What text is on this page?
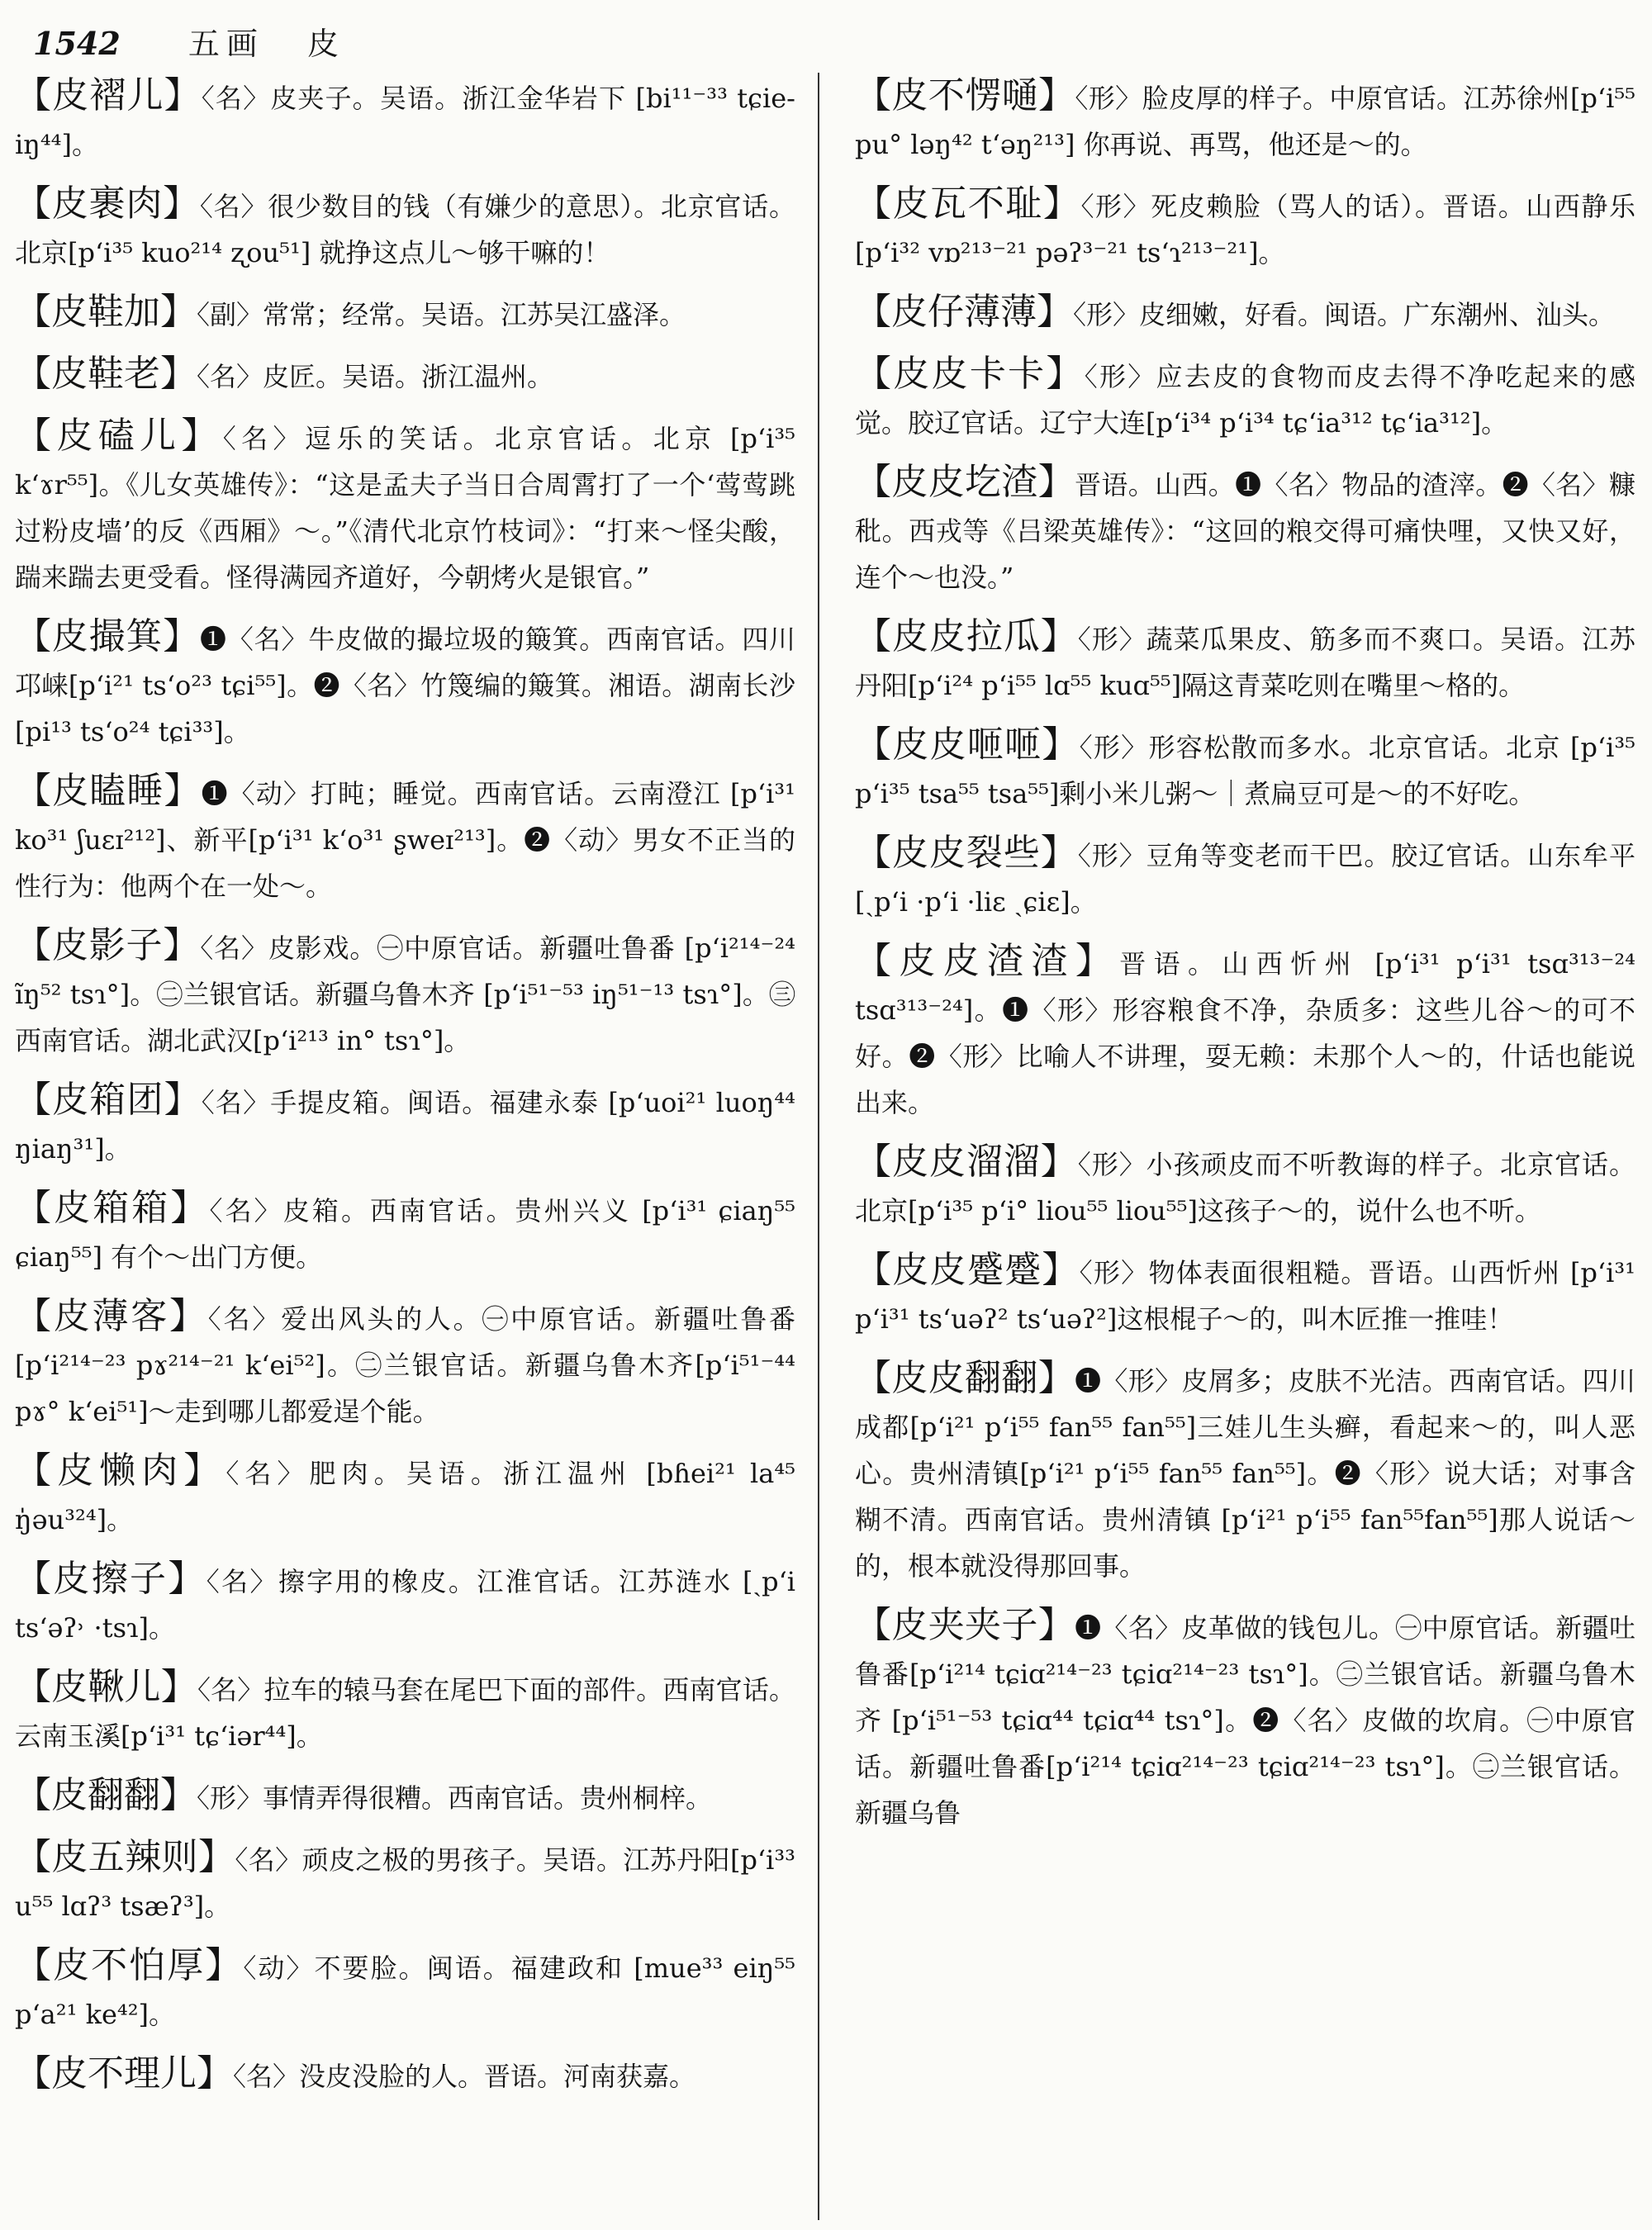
1542 五画 皮

【皮褶儿】〈名〉皮夹子。吴语。浙江金华岩下 [bi¹¹⁻³³ tɕie-iŋ⁴⁴]。

【皮裹肉】〈名〉很少数目的钱（有嫌少的意思）。北京官话。北京[pʻi³⁵ kuo²¹⁴ ʐou⁵¹] 就挣这点儿～够干嘛的！

【皮鞋加】〈副〉常常；经常。吴语。江苏吴江盛泽。

【皮鞋老】〈名〉皮匠。吴语。浙江温州。

【皮磕儿】〈名〉逗乐的笑话。北京官话。北京 [pʻi³⁵ kʻɤr⁵⁵]。《儿女英雄传》：“这是孟夫子当日合周霄打了一个‘莺莺跳过粉皮墙’的反《西厢》～。”《清代北京竹枝词》：“打来～怪尖酸，踹来踹去更受看。怪得满园齐道好，今朝烤火是银官。”

【皮撮箕】❶〈名〉牛皮做的撮垃圾的簸箕。西南官话。四川邛崃[pʻi²¹ tsʻo²³ tɕi⁵⁵]。❷〈名〉竹篾编的簸箕。湘语。湖南长沙[pi¹³ tsʻo²⁴ tɕi³³]。

【皮瞌睡】❶〈动〉打盹；睡觉。西南官话。云南澄江 [pʻi³¹ ko³¹ ʃuɛɪ²¹²]、新平[pʻi³¹ kʻo³¹ ʂweɪ²¹³]。❷〈动〉男女不正当的性行为：他两个在一处～。

【皮影子】〈名〉皮影戏。㊀中原官话。新疆吐鲁番 [pʻi²¹⁴⁻²⁴ ĩŋ⁵² tsɿ°]。㊁兰银官话。新疆乌鲁木齐 [pʻi⁵¹⁻⁵³ iŋ⁵¹⁻¹³ tsɿ°]。㊂西南官话。湖北武汉[pʻi²¹³ in° tsɿ°]。

【皮箱团】〈名〉手提皮箱。闽语。福建永泰 [pʻuoi²¹ luoŋ⁴⁴ ŋiaŋ³¹]。

【皮箱箱】〈名〉皮箱。西南官话。贵州兴义 [pʻi³¹ ɕiaŋ⁵⁵ ɕiaŋ⁵⁵] 有个～出门方便。

【皮薄客】〈名〉爱出风头的人。㊀中原官话。新疆吐鲁番[pʻi²¹⁴⁻²³ pɤ²¹⁴⁻²¹ kʻei⁵²]。㊁兰银官话。新疆乌鲁木齐[pʻi⁵¹⁻⁴⁴ pɤ° kʻei⁵¹]～走到哪儿都爱逞个能。

【皮懒肉】〈名〉肥肉。吴语。浙江温州 [bɦei²¹ la⁴⁵ ŋ̍əu³²⁴]。

【皮擦子】〈名〉擦字用的橡皮。江淮官话。江苏涟水 [ˏpʻi tsʻəʔ˒ ·tsɿ]。

【皮鞦儿】〈名〉拉车的辕马套在尾巴下面的部件。西南官话。云南玉溪[pʻi³¹ tɕʻiər⁴⁴]。

【皮翻翻】〈形〉事情弄得很糟。西南官话。贵州桐梓。

【皮五辣则】〈名〉顽皮之极的男孩子。吴语。江苏丹阳[pʻi³³ u⁵⁵ lɑʔ³ tsæʔ³]。

【皮不怕厚】〈动〉不要脸。闽语。福建政和 [mue³³ eiŋ⁵⁵ pʻa²¹ ke⁴²]。

【皮不理儿】〈名〉没皮没脸的人。晋语。河南获嘉。

【皮不愣嗵】〈形〉脸皮厚的样子。中原官话。江苏徐州[pʻi⁵⁵ pu° ləŋ⁴² tʻəŋ²¹³] 你再说、再骂，他还是～的。

【皮瓦不耻】〈形〉死皮赖脸（骂人的话）。晋语。山西静乐[pʻi³² vɒ²¹³⁻²¹ pəʔ³⁻²¹ tsʻɿ²¹³⁻²¹]。

【皮仔薄薄】〈形〉皮细嫩，好看。闽语。广东潮州、汕头。

【皮皮卡卡】〈形〉应去皮的食物而皮去得不净吃起来的感觉。胶辽官话。辽宁大连[pʻi³⁴ pʻi³⁴ tɕʻia³¹² tɕʻia³¹²]。

【皮皮圪渣】晋语。山西。❶〈名〉物品的渣滓。❷〈名〉糠秕。西戎等《吕梁英雄传》：“这回的粮交得可痛快哩，又快又好，连个～也没。”

【皮皮拉瓜】〈形〉蔬菜瓜果皮、筋多而不爽口。吴语。江苏丹阳[pʻi²⁴ pʻi⁵⁵ lɑ⁵⁵ kuɑ⁵⁵]隔这青菜吃则在嘴里～格的。

【皮皮咂咂】〈形〉形容松散而多水。北京官话。北京 [pʻi³⁵ pʻi³⁵ tsa⁵⁵ tsa⁵⁵]剩小米儿粥～｜煮扁豆可是～的不好吃。

【皮皮裂些】〈形〉豆角等变老而干巴。胶辽官话。山东牟平 [ˏpʻi ·pʻi ·liɛ ˏɕiɛ]。

【皮皮渣渣】晋语。山西忻州 [pʻi³¹ pʻi³¹ tsɑ³¹³⁻²⁴ tsɑ³¹³⁻²⁴]。❶〈形〉形容粮食不净，杂质多：这些儿谷～的可不好。❷〈形〉比喻人不讲理，耍无赖：未那个人～的，什话也能说出来。

【皮皮溜溜】〈形〉小孩顽皮而不听教诲的样子。北京官话。北京[pʻi³⁵ pʻi° liou⁵⁵ liou⁵⁵]这孩子～的，说什么也不听。

【皮皮蹙蹙】〈形〉物体表面很粗糙。晋语。山西忻州 [pʻi³¹ pʻi³¹ tsʻuəʔ² tsʻuəʔ²]这根棍子～的，叫木匠推一推哇！

【皮皮翻翻】❶〈形〉皮屑多；皮肤不光洁。西南官话。四川成都[pʻi²¹ pʻi⁵⁵ fan⁵⁵ fan⁵⁵]三娃儿生头癣，看起来～的，叫人恶心。贵州清镇[pʻi²¹ pʻi⁵⁵ fan⁵⁵ fan⁵⁵]。❷〈形〉说大话；对事含糊不清。西南官话。贵州清镇 [pʻi²¹ pʻi⁵⁵ fan⁵⁵fan⁵⁵]那人说话～的，根本就没得那回事。

【皮夹夹子】❶〈名〉皮革做的钱包儿。㊀中原官话。新疆吐鲁番[pʻi²¹⁴ tɕiɑ²¹⁴⁻²³ tɕiɑ²¹⁴⁻²³ tsɿ°]。㊁兰银官话。新疆乌鲁木齐 [pʻi⁵¹⁻⁵³ tɕiɑ⁴⁴ tɕiɑ⁴⁴ tsɿ°]。❷〈名〉皮做的坎肩。㊀中原官话。新疆吐鲁番[pʻi²¹⁴ tɕiɑ²¹⁴⁻²³ tɕiɑ²¹⁴⁻²³ tsɿ°]。㊁兰银官话。新疆乌鲁
